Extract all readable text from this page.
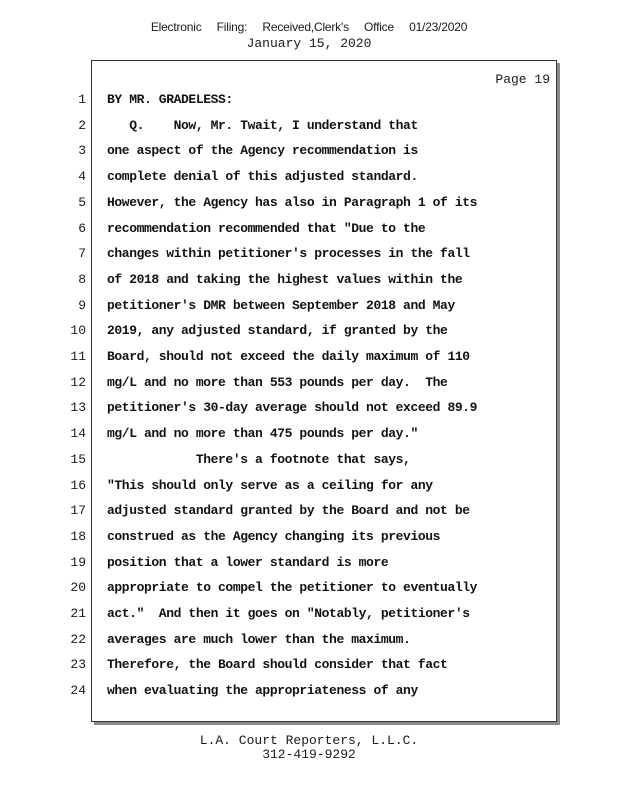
Electronic Filing: Received,Clerk's Office 01/23/2020
January 15, 2020
Page 19
1
2
3
4
5
6
7
8
9
10
11
12
13
14
15
16
17
18
19
20
21
22
23
24
BY MR. GRADELESS:
Q.    Now, Mr. Twait, I understand that
one aspect of the Agency recommendation is
complete denial of this adjusted standard.
However, the Agency has also in Paragraph 1 of its
recommendation recommended that "Due to the
changes within petitioner's processes in the fall
of 2018 and taking the highest values within the
petitioner's DMR between September 2018 and May
2019, any adjusted standard, if granted by the
Board, should not exceed the daily maximum of 110
mg/L and no more than 553 pounds per day.  The
petitioner's 30-day average should not exceed 89.9
mg/L and no more than 475 pounds per day."
There's a footnote that says,
"This should only serve as a ceiling for any
adjusted standard granted by the Board and not be
construed as the Agency changing its previous
position that a lower standard is more
appropriate to compel the petitioner to eventually
act."  And then it goes on "Notably, petitioner's
averages are much lower than the maximum.
Therefore, the Board should consider that fact
when evaluating the appropriateness of any
L.A. Court Reporters, L.L.C.
312-419-9292
